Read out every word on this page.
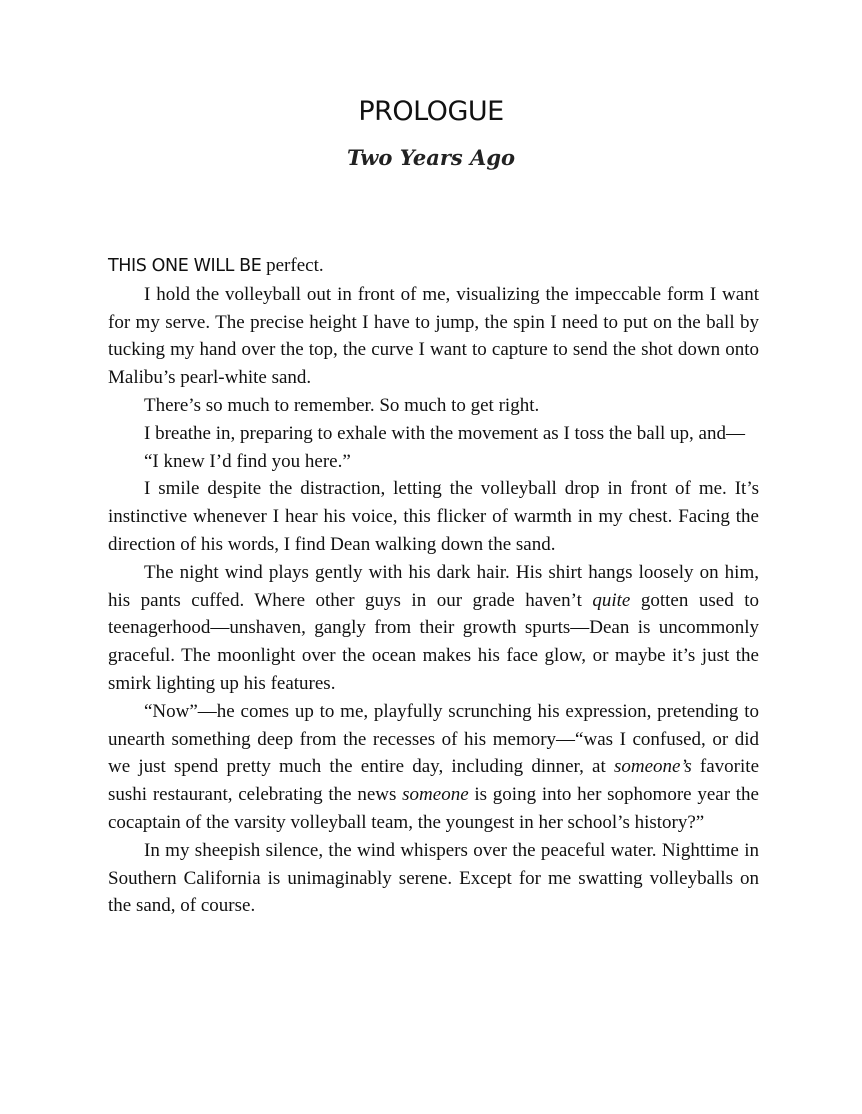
PROLOGUE
Two Years Ago

THIS ONE WILL BE perfect.

I hold the volleyball out in front of me, visualizing the impeccable form I want for my serve. The precise height I have to jump, the spin I need to put on the ball by tucking my hand over the top, the curve I want to capture to send the shot down onto Malibu’s pearl-white sand.

There’s so much to remember. So much to get right.

I breathe in, preparing to exhale with the movement as I toss the ball up, and—

“I knew I’d find you here.”

I smile despite the distraction, letting the volleyball drop in front of me. It’s instinctive whenever I hear his voice, this flicker of warmth in my chest. Facing the direction of his words, I find Dean walking down the sand.

The night wind plays gently with his dark hair. His shirt hangs loosely on him, his pants cuffed. Where other guys in our grade haven’t quite gotten used to teenagerhood—unshaven, gangly from their growth spurts—Dean is uncommonly graceful. The moonlight over the ocean makes his face glow, or maybe it’s just the smirk lighting up his features.

“Now”—he comes up to me, playfully scrunching his expression, pretending to unearth something deep from the recesses of his memory—“was I confused, or did we just spend pretty much the entire day, including dinner, at someone’s favorite sushi restaurant, celebrating the news someone is going into her sophomore year the cocaptain of the varsity volleyball team, the youngest in her school’s history?”

In my sheepish silence, the wind whispers over the peaceful water. Nighttime in Southern California is unimaginably serene. Except for me swatting volleyballs on the sand, of course.
